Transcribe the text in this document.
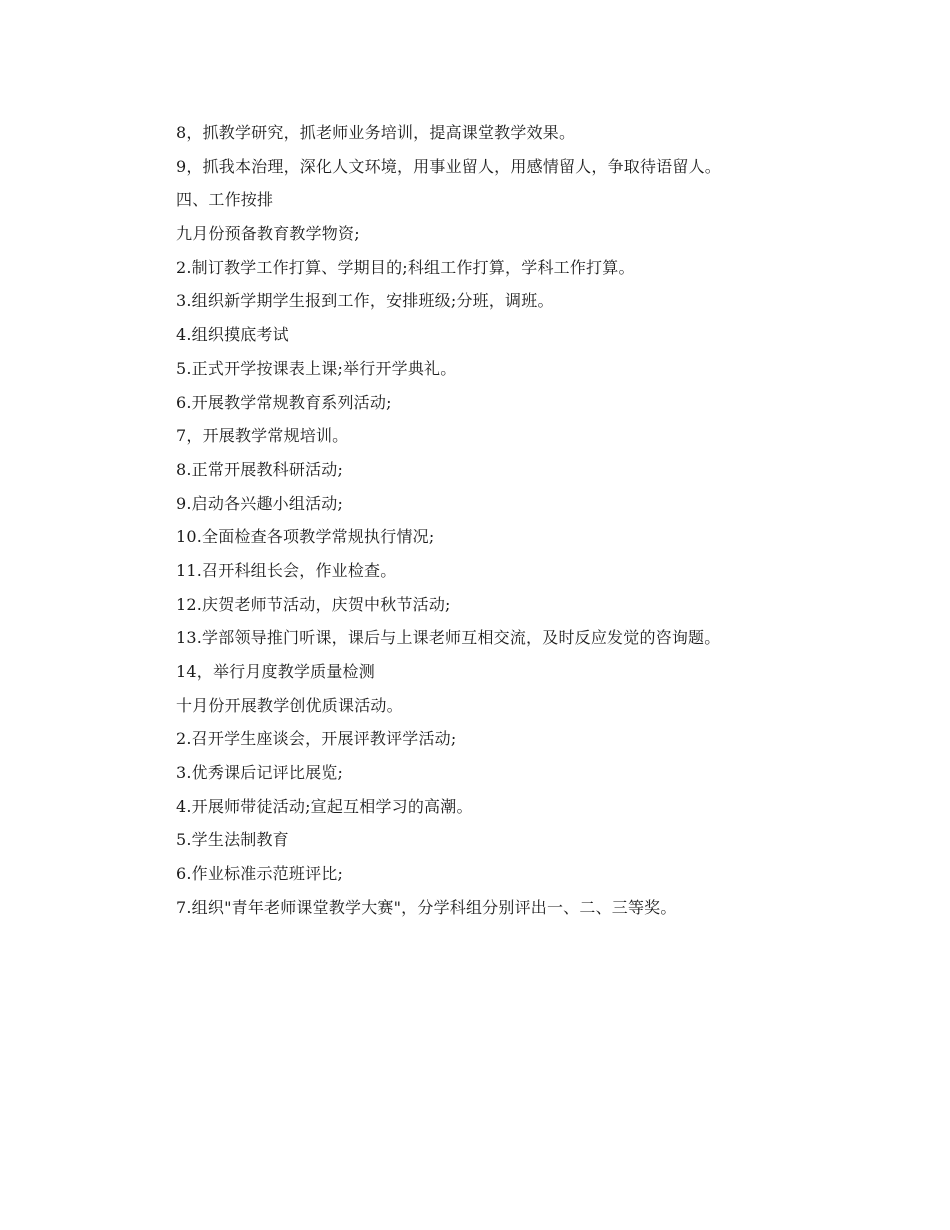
8，抓教学研究，抓老师业务培训，提高课堂教学效果。
9，抓我本治理，深化人文环境，用事业留人，用感情留人，争取待语留人。
四、工作按排
九月份预备教育教学物资;
2.制订教学工作打算、学期目的;科组工作打算，学科工作打算。
3.组织新学期学生报到工作，安排班级;分班，调班。
4.组织摸底考试
5.正式开学按课表上课;举行开学典礼。
6.开展教学常规教育系列活动;
7，开展教学常规培训。
8.正常开展教科研活动;
9.启动各兴趣小组活动;
10.全面检查各项教学常规执行情况;
11.召开科组长会，作业检查。
12.庆贺老师节活动，庆贺中秋节活动;
13.学部领导推门听课，课后与上课老师互相交流，及时反应发觉的咨询题。
14，举行月度教学质量检测
十月份开展教学创优质课活动。
2.召开学生座谈会，开展评教评学活动;
3.优秀课后记评比展览;
4.开展师带徒活动;宣起互相学习的高潮。
5.学生法制教育
6.作业标准示范班评比;
7.组织"青年老师课堂教学大赛"，分学科组分别评出一、二、三等奖。
